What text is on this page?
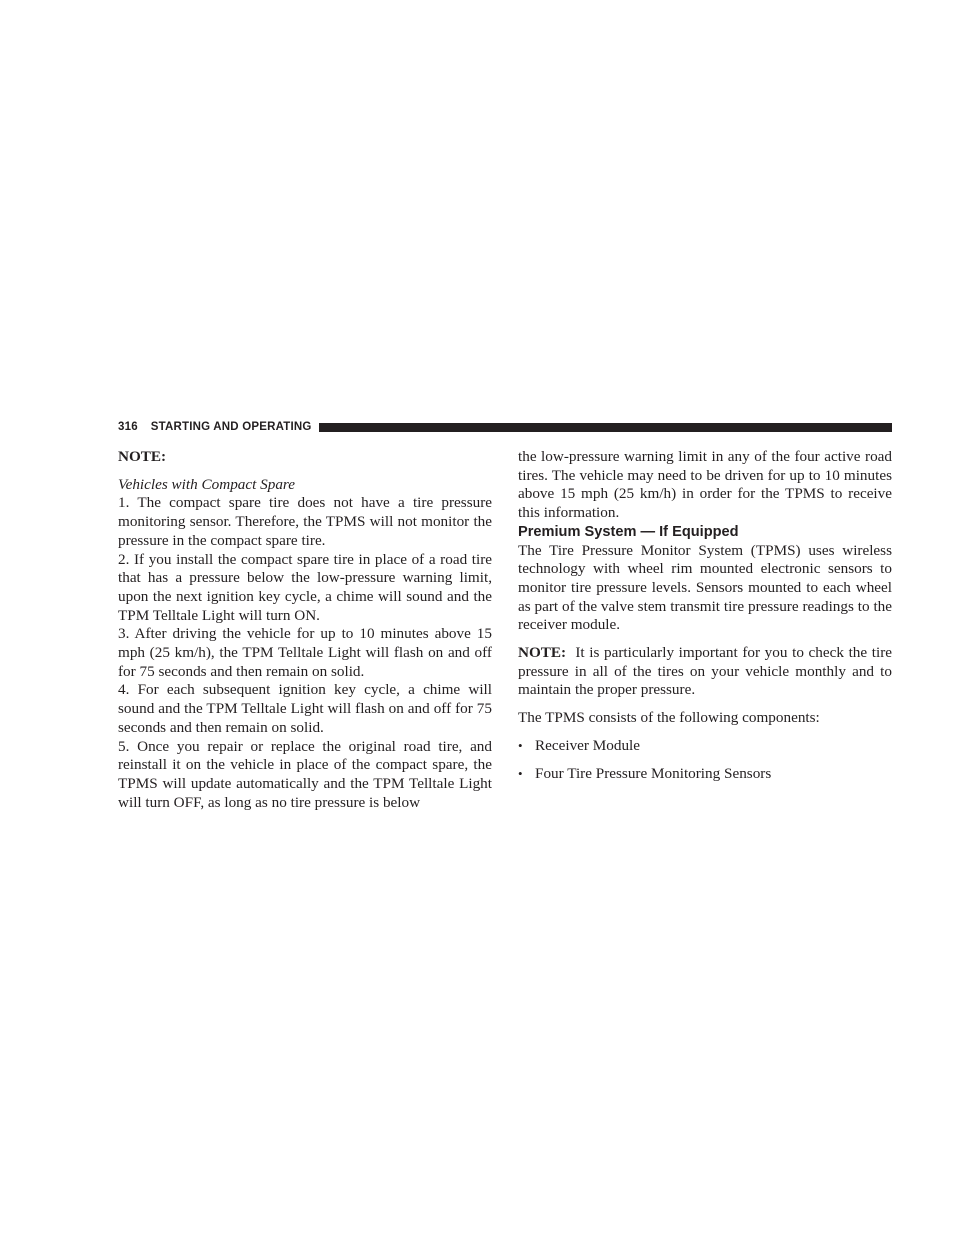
316 STARTING AND OPERATING

NOTE:

Vehicles with Compact Spare

1. The compact spare tire does not have a tire pressure monitoring sensor. Therefore, the TPMS will not monitor the pressure in the compact spare tire.

2. If you install the compact spare tire in place of a road tire that has a pressure below the low-pressure warning limit, upon the next ignition key cycle, a chime will sound and the TPM Telltale Light will turn ON.

3. After driving the vehicle for up to 10 minutes above 15 mph (25 km/h), the TPM Telltale Light will flash on and off for 75 seconds and then remain on solid.

4. For each subsequent ignition key cycle, a chime will sound and the TPM Telltale Light will flash on and off for 75 seconds and then remain on solid.

5. Once you repair or replace the original road tire, and reinstall it on the vehicle in place of the compact spare, the TPMS will update automatically and the TPM Telltale Light will turn OFF, as long as no tire pressure is below

the low-pressure warning limit in any of the four active road tires. The vehicle may need to be driven for up to 10 minutes above 15 mph (25 km/h) in order for the TPMS to receive this information.

Premium System — If Equipped

The Tire Pressure Monitor System (TPMS) uses wireless technology with wheel rim mounted electronic sensors to monitor tire pressure levels. Sensors mounted to each wheel as part of the valve stem transmit tire pressure readings to the receiver module.

NOTE: It is particularly important for you to check the tire pressure in all of the tires on your vehicle monthly and to maintain the proper pressure.

The TPMS consists of the following components:

• Receiver Module
• Four Tire Pressure Monitoring Sensors
